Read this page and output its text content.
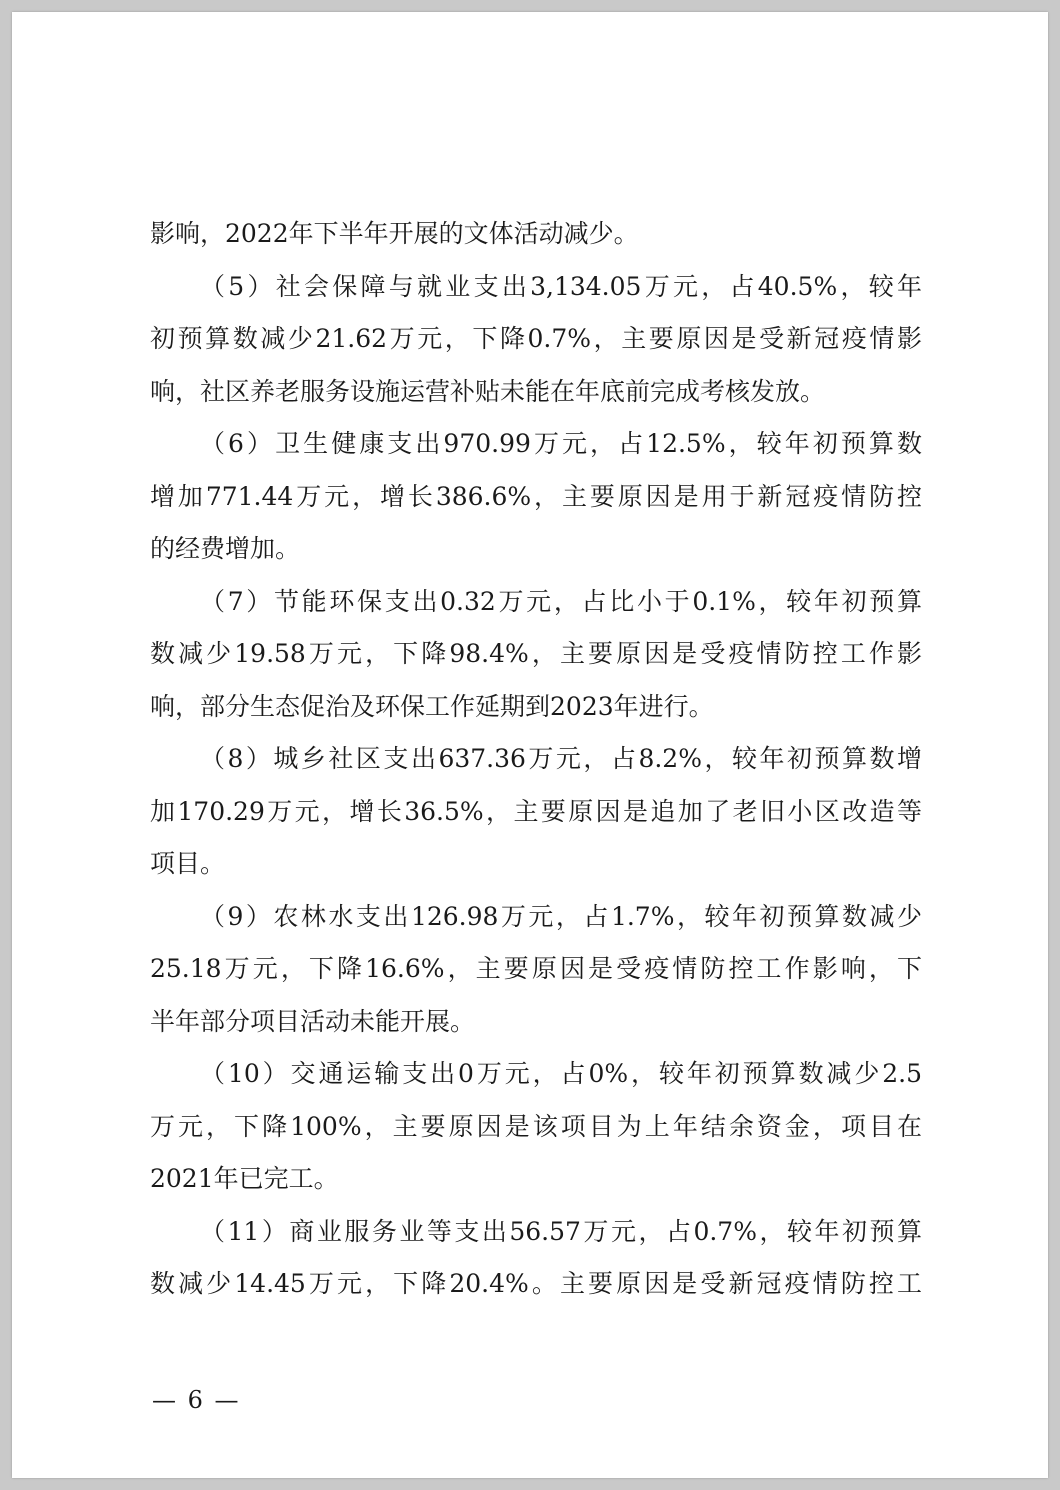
影响，2022年下半年开展的文体活动减少。
（5）社会保障与就业支出3,134.05万元，占40.5%，较年
初预算数减少21.62万元，下降0.7%，主要原因是受新冠疫情影
响，社区养老服务设施运营补贴未能在年底前完成考核发放。
（6）卫生健康支出970.99万元，占12.5%，较年初预算数
增加771.44万元，增长386.6%，主要原因是用于新冠疫情防控
的经费增加。
（7）节能环保支出0.32万元，占比小于0.1%，较年初预算
数减少19.58万元，下降98.4%，主要原因是受疫情防控工作影
响，部分生态促治及环保工作延期到2023年进行。
（8）城乡社区支出637.36万元，占8.2%，较年初预算数增
加170.29万元，增长36.5%，主要原因是追加了老旧小区改造等
项目。
（9）农林水支出126.98万元，占1.7%，较年初预算数减少
25.18万元，下降16.6%，主要原因是受疫情防控工作影响，下
半年部分项目活动未能开展。
（10）交通运输支出0万元，占0%，较年初预算数减少2.5
万元，下降100%，主要原因是该项目为上年结余资金，项目在
2021年已完工。
（11）商业服务业等支出56.57万元，占0.7%，较年初预算
数减少14.45万元，下降20.4%。主要原因是受新冠疫情防控工
— 6 —
